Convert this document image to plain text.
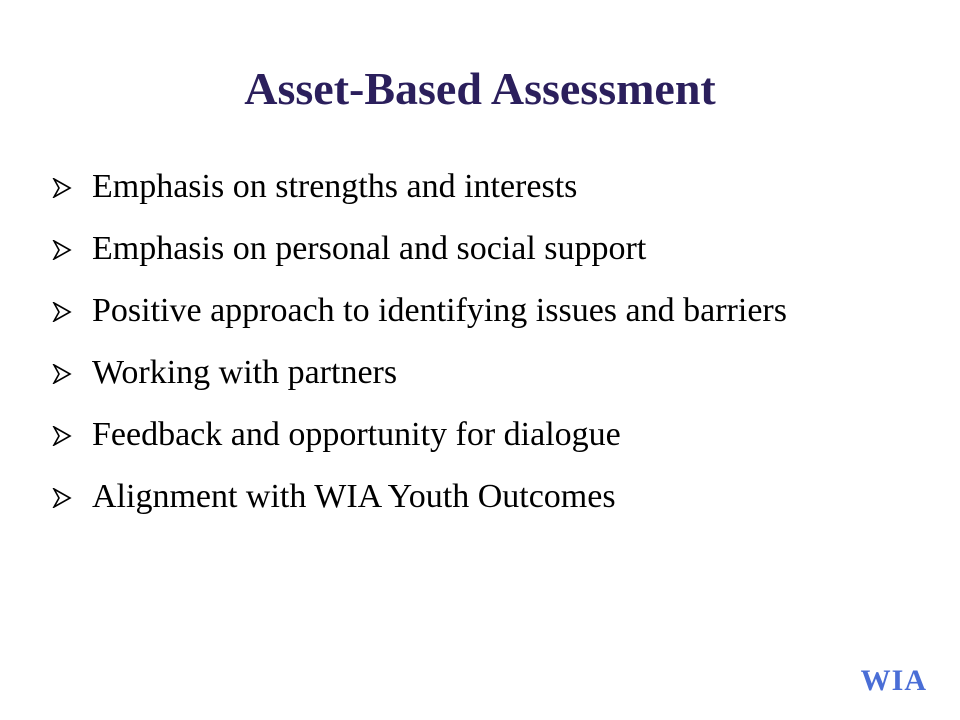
Asset-Based Assessment
Emphasis on strengths and interests
Emphasis on personal and social support
Positive approach to identifying issues and barriers
Working with partners
Feedback and opportunity for dialogue
Alignment with WIA Youth Outcomes
WIA
